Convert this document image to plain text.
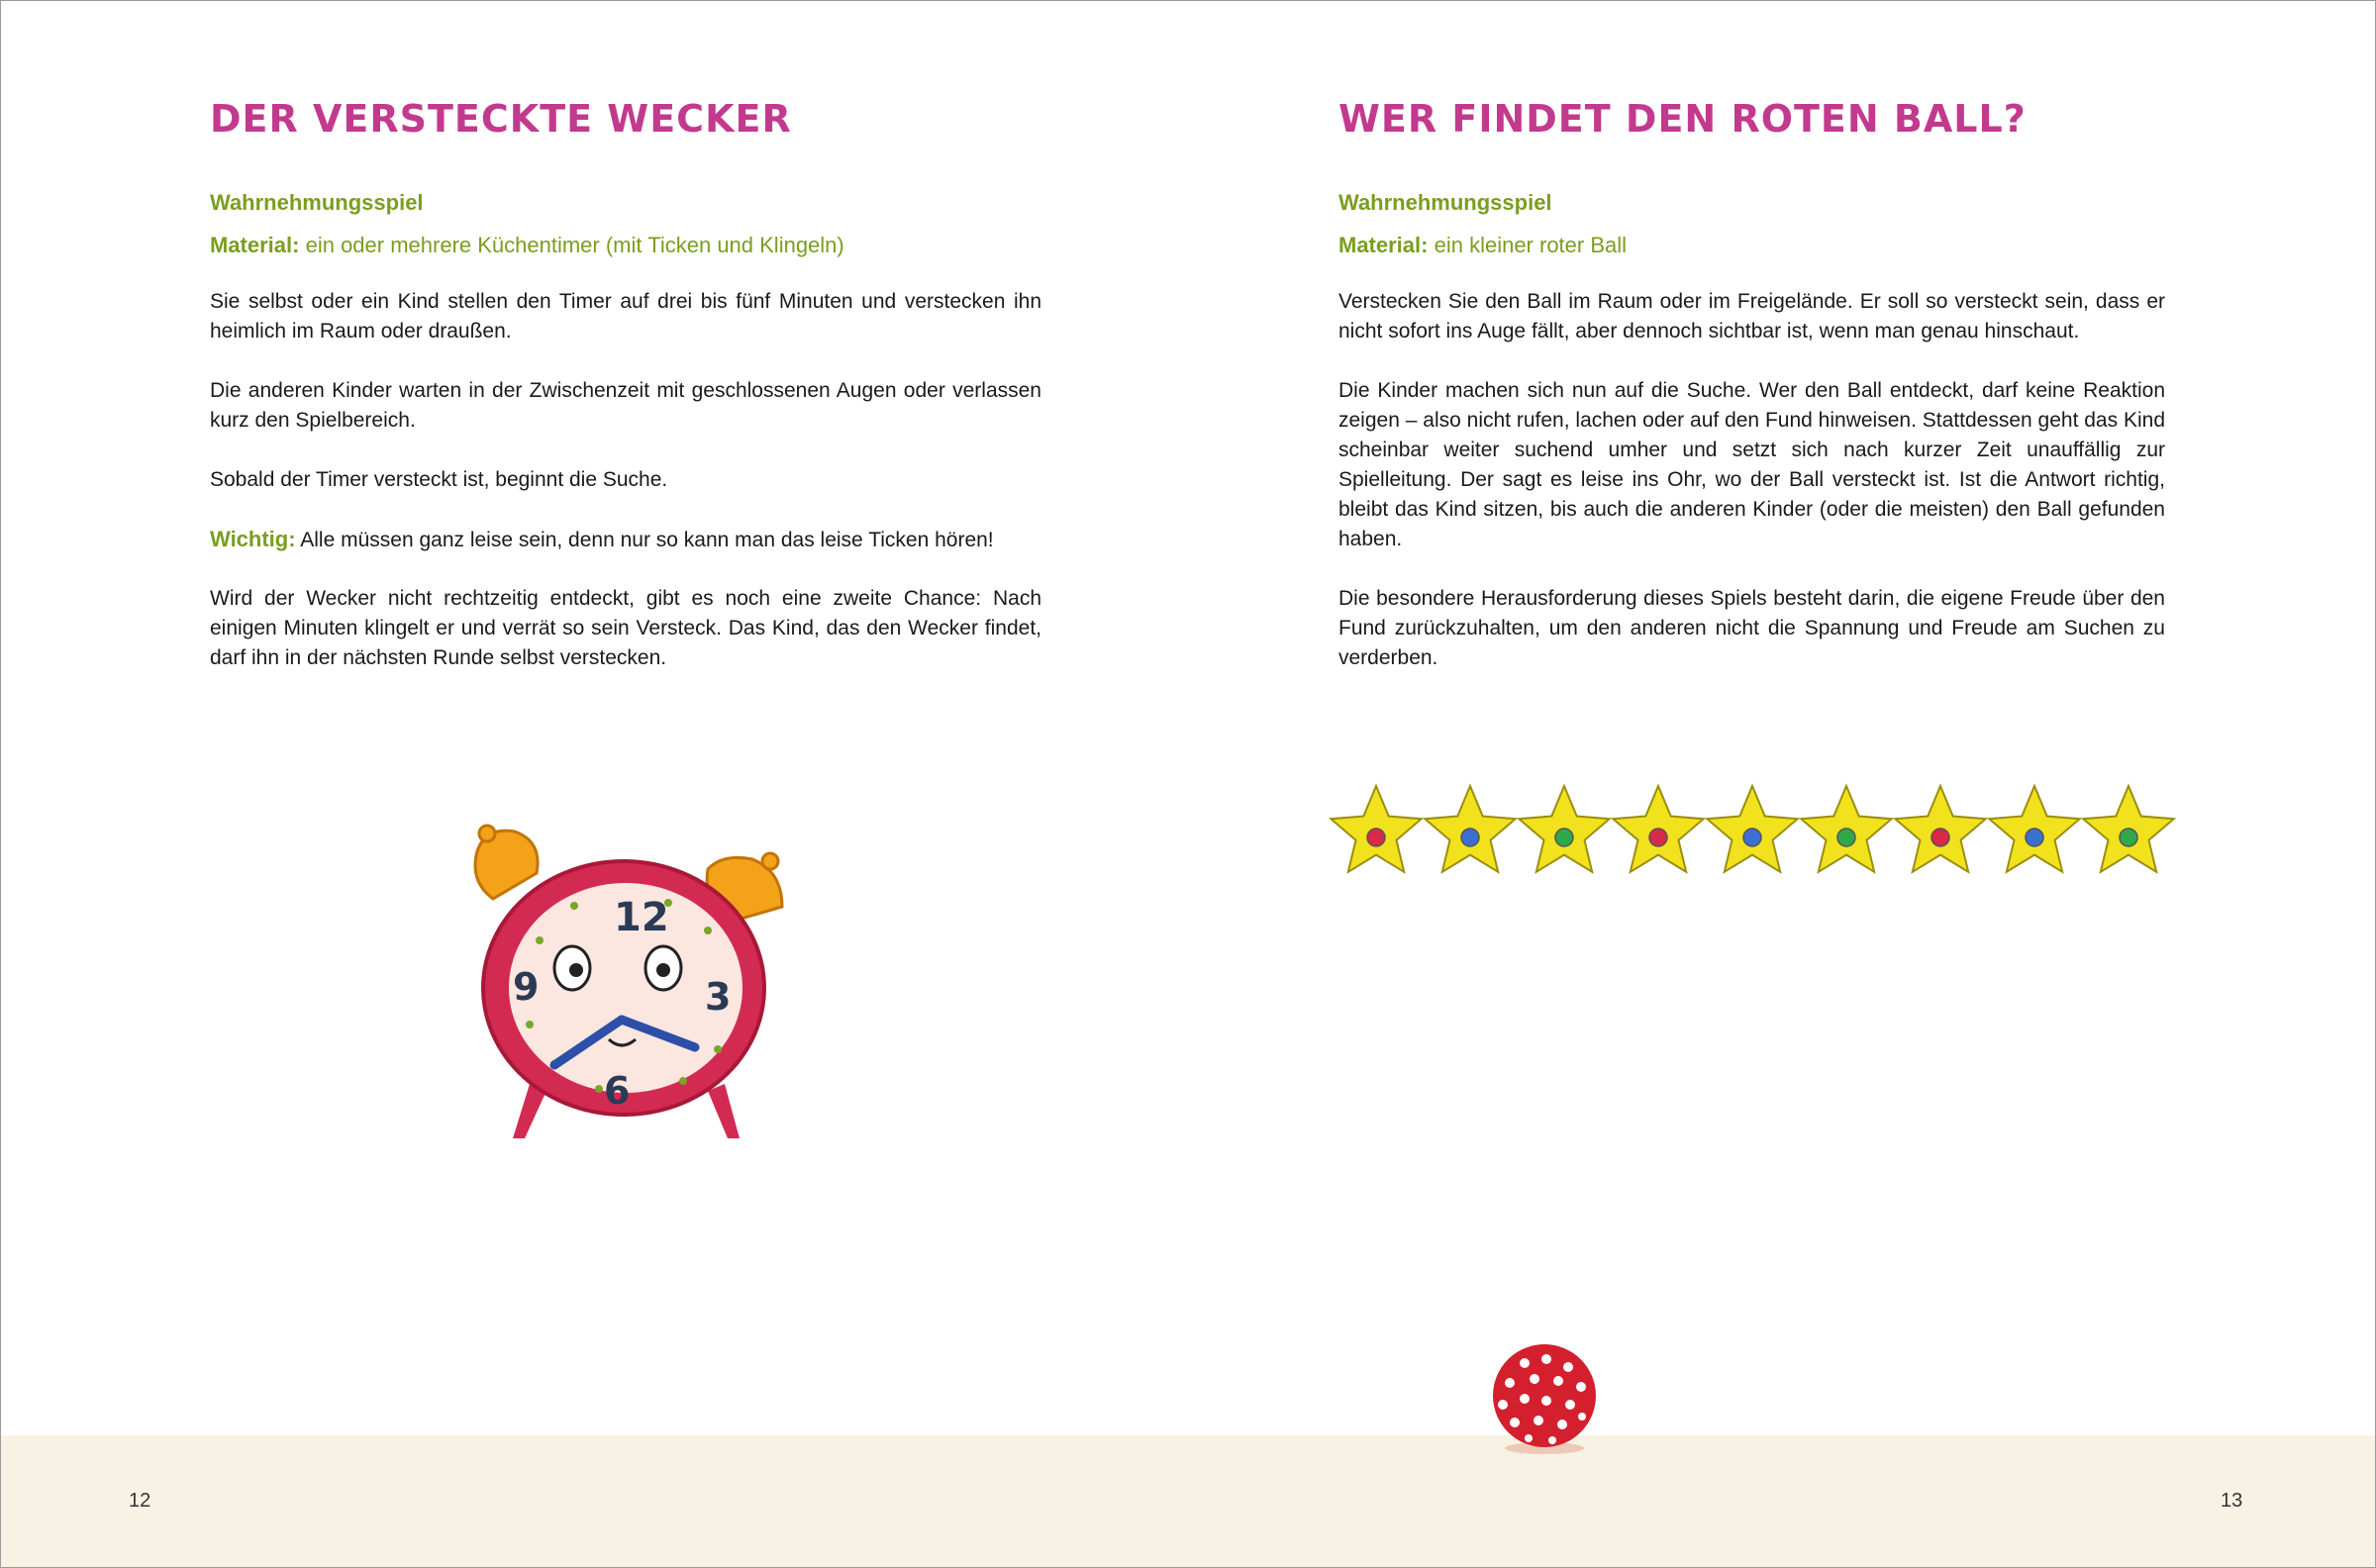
DER VERSTECKTE WECKER
Wahrnehmungsspiel
Material: ein oder mehrere Küchentimer (mit Ticken und Klingeln)

Sie selbst oder ein Kind stellen den Timer auf drei bis fünf Minuten und verstecken ihn heimlich im Raum oder draußen.

Die anderen Kinder warten in der Zwischenzeit mit geschlossenen Augen oder verlassen kurz den Spielbereich.

Sobald der Timer versteckt ist, beginnt die Suche.

Wichtig: Alle müssen ganz leise sein, denn nur so kann man das leise Ticken hören!

Wird der Wecker nicht rechtzeitig entdeckt, gibt es noch eine zweite Chance: Nach einigen Minuten klingelt er und verrät so sein Versteck. Das Kind, das den Wecker findet, darf ihn in der nächsten Runde selbst verstecken.

12
3
6
9
WER FINDET DEN ROTEN BALL?
Wahrnehmungsspiel
Material: ein kleiner roter Ball

Verstecken Sie den Ball im Raum oder im Freigelände. Er soll so versteckt sein, dass er nicht sofort ins Auge fällt, aber dennoch sichtbar ist, wenn man genau hinschaut.

Die Kinder machen sich nun auf die Suche. Wer den Ball entdeckt, darf keine Reaktion zeigen – also nicht rufen, lachen oder auf den Fund hinweisen. Stattdessen geht das Kind scheinbar weiter suchend umher und setzt sich nach kurzer Zeit unauffällig zur Spielleitung. Der sagt es leise ins Ohr, wo der Ball versteckt ist. Ist die Antwort richtig, bleibt das Kind sitzen, bis auch die anderen Kinder (oder die meisten) den Ball gefunden haben.

Die besondere Herausforderung dieses Spiels besteht darin, die eigene Freude über den Fund zurückzuhalten, um den anderen nicht die Spannung und Freude am Suchen zu verderben.

12	13
